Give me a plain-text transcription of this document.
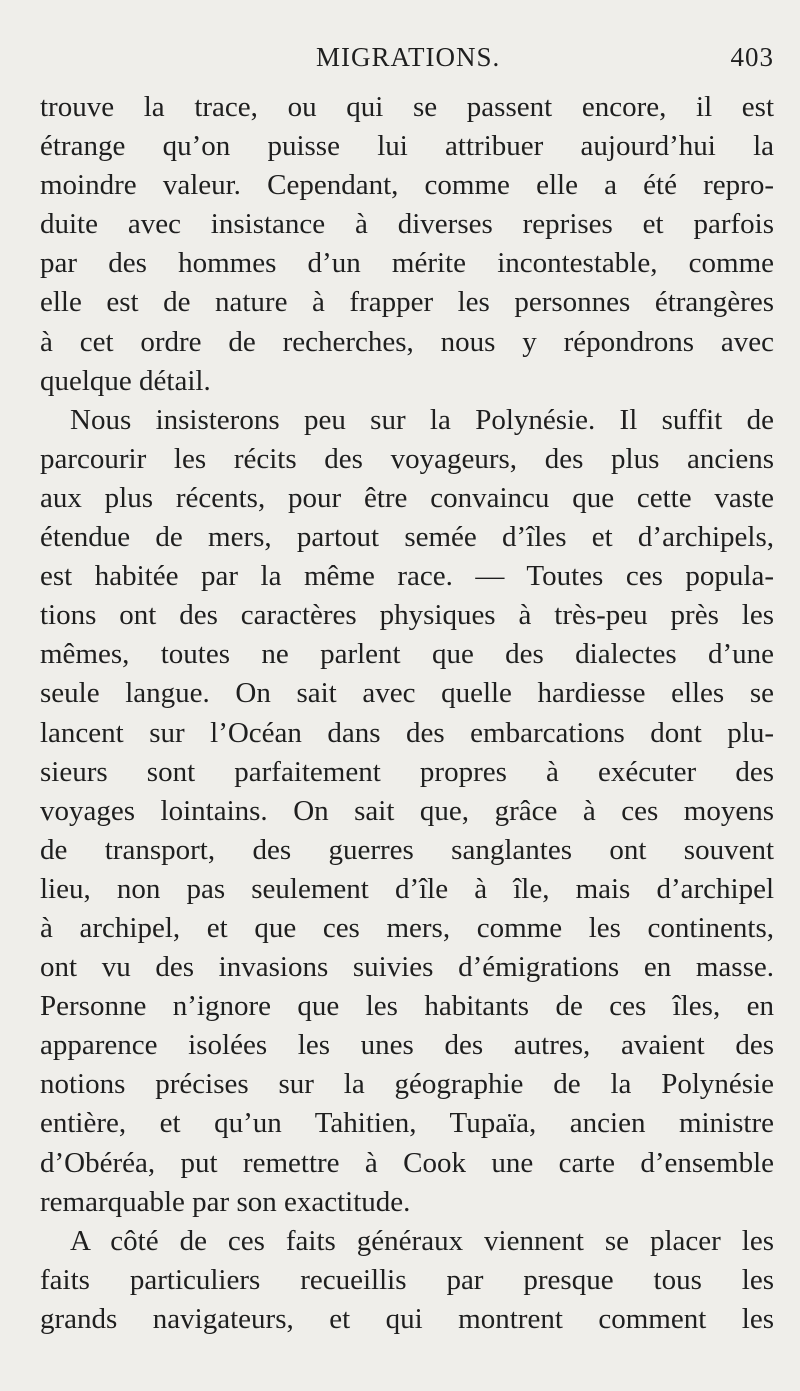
MIGRATIONS.	403
trouve la trace, ou qui se passent encore, il est
étrange qu’on puisse lui attribuer aujourd’hui la
moindre valeur. Cependant, comme elle a été repro-
duite avec insistance à diverses reprises et parfois
par des hommes d’un mérite incontestable, comme
elle est de nature à frapper les personnes étrangères
à cet ordre de recherches, nous y répondrons avec
quelque détail.
Nous insisterons peu sur la Polynésie. Il suffit de
parcourir les récits des voyageurs, des plus anciens
aux plus récents, pour être convaincu que cette vaste
étendue de mers, partout semée d’îles et d’archipels,
est habitée par la même race. — Toutes ces popula-
tions ont des caractères physiques à très-peu près les
mêmes, toutes ne parlent que des dialectes d’une
seule langue. On sait avec quelle hardiesse elles se
lancent sur l’Océan dans des embarcations dont plu-
sieurs sont parfaitement propres à exécuter des
voyages lointains. On sait que, grâce à ces moyens
de transport, des guerres sanglantes ont souvent
lieu, non pas seulement d’île à île, mais d’archipel
à archipel, et que ces mers, comme les continents,
ont vu des invasions suivies d’émigrations en masse.
Personne n’ignore que les habitants de ces îles, en
apparence isolées les unes des autres, avaient des
notions précises sur la géographie de la Polynésie
entière, et qu’un Tahitien, Tupaïa, ancien ministre
d’Obéréa, put remettre à Cook une carte d’ensemble
remarquable par son exactitude.
A côté de ces faits généraux viennent se placer les
faits particuliers recueillis par presque tous les
grands navigateurs, et qui montrent comment les
